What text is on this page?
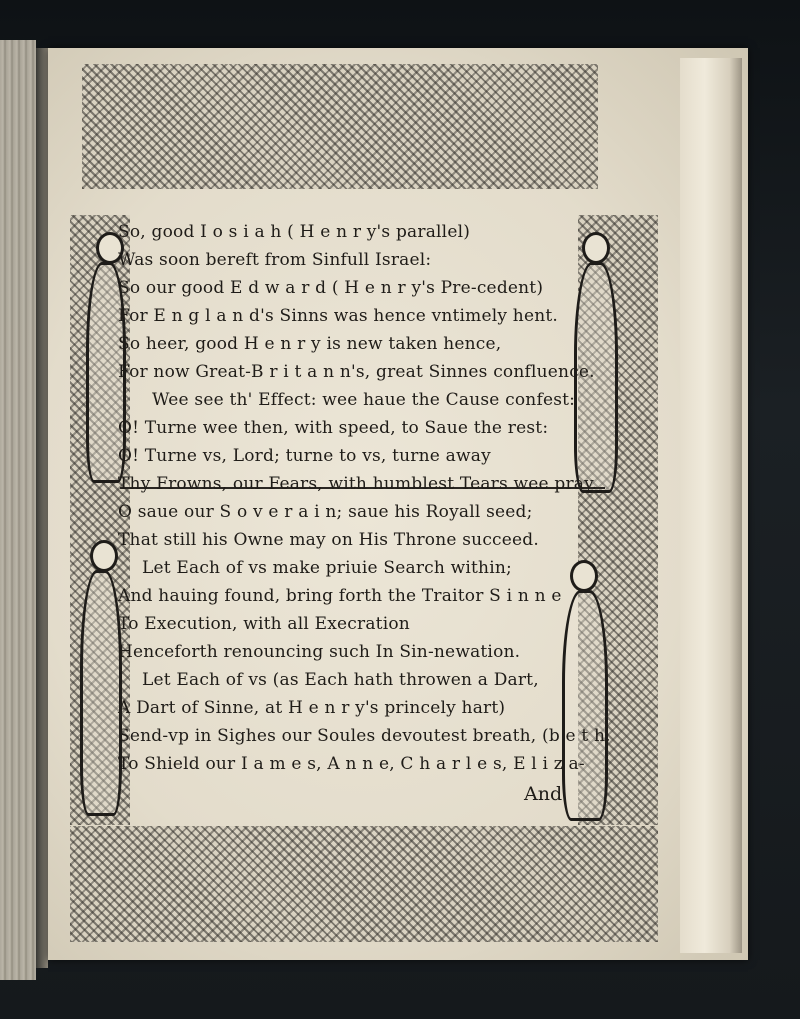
So, good I o s i a h ( H e n r y's parallel)
Was soon bereft from Sinfull Israel:
So our good E d w a r d ( H e n r y's Pre-cedent)
For E n g l a n d's Sinns was hence vntimely hent.
So heer, good H e n r y is new taken hence,
For now Great-B r i t a n n's, great Sinnes confluence.
Wee see th' Effect: wee haue the Cause confest:
O! Turne wee then, with speed, to Saue the rest:
O! Turne vs, Lord; turne to vs, turne away
Thy Frowns, our Fears, with humblest Tears wee pray.
O saue our S o v e r a i n; saue his Royall seed;
That still his Owne may on His Throne succeed.
Let Each of vs make priuie Search within;
And hauing found, bring forth the Traitor S i n n e
To Execution, with all Execration
Henceforth renouncing such In Sin-newation.
Let Each of vs (as Each hath throwen a Dart,
A Dart of Sinne, at H e n r y's princely hart)
Send-vp in Sighes our Soules devoutest breath, (b e t h,
To Shield our I a m e s, A n n e, C h a r l e s, E l i z a-
And
